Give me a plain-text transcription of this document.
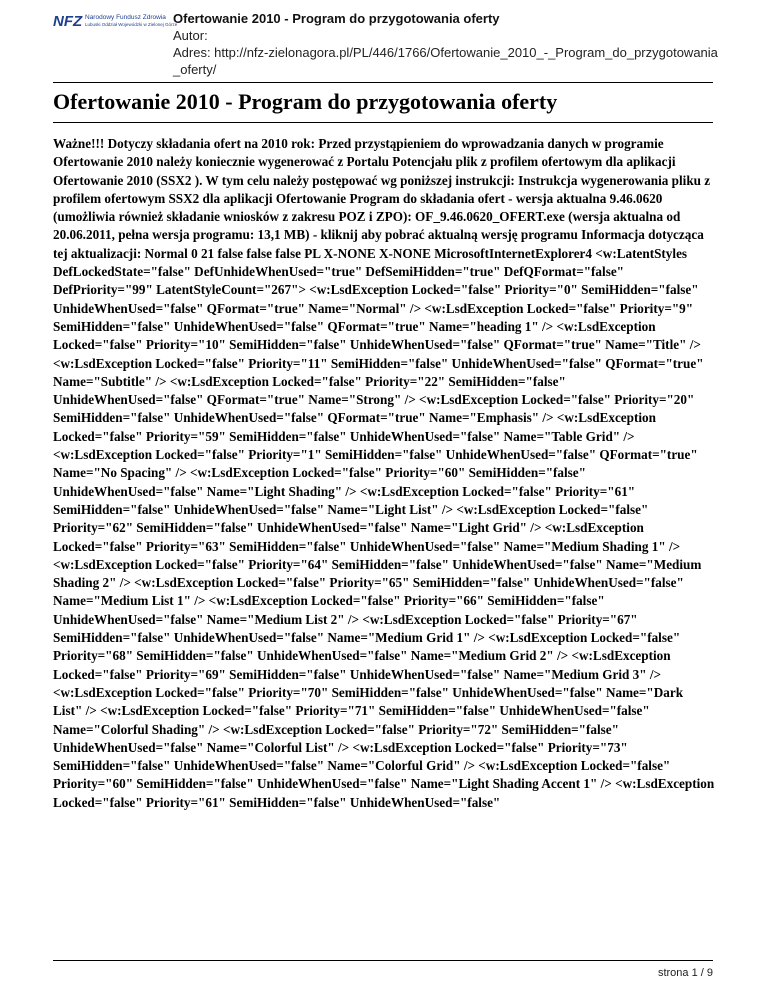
NFZ Narodowy Fundusz Zdrowia
Lubuski Oddział Wojewódzki w Zielonej Górze
Ofertowanie 2010 - Program do przygotowania oferty
Autor:
Adres: http://nfz-zielonagora.pl/PL/446/1766/Ofertowanie_2010_-_Program_do_przygotowania_oferty/
Ofertowanie 2010 - Program do przygotowania oferty

Ważne!!! Dotyczy składania ofert na 2010 rok: Przed przystąpieniem do wprowadzania danych w programie Ofertowanie 2010 należy koniecznie wygenerować z Portalu Potencjału plik z profilem ofertowym dla aplikacji Ofertowanie 2010 (SSX2 ). W tym celu należy postępować wg poniższej instrukcji: Instrukcja wygenerowania pliku z profilem ofertowym SSX2 dla aplikacji Ofertowanie Program do składania ofert - wersja aktualna 9.46.0620 (umożliwia również składanie wniosków z zakresu POZ i ZPO): OF_9.46.0620_OFERT.exe (wersja aktualna od 20.06.2011, pełna wersja programu: 13,1 MB) - kliknij aby pobrać aktualną wersję programu Informacja dotycząca tej aktualizacji: Normal 0 21 false false false PL X-NONE X-NONE MicrosoftInternetExplorer4 <w:LatentStyles DefLockedState="false" DefUnhideWhenUsed="true" DefSemiHidden="true" DefQFormat="false" DefPriority="99" LatentStyleCount="267"> <w:LsdException Locked="false" Priority="0" SemiHidden="false" UnhideWhenUsed="false" QFormat="true" Name="Normal" /> <w:LsdException Locked="false" Priority="9" SemiHidden="false" UnhideWhenUsed="false" QFormat="true" Name="heading 1" /> <w:LsdException Locked="false" Priority="10" SemiHidden="false" UnhideWhenUsed="false" QFormat="true" Name="Title" /> <w:LsdException Locked="false" Priority="11" SemiHidden="false" UnhideWhenUsed="false" QFormat="true" Name="Subtitle" /> <w:LsdException Locked="false" Priority="22" SemiHidden="false" UnhideWhenUsed="false" QFormat="true" Name="Strong" /> <w:LsdException Locked="false" Priority="20" SemiHidden="false" UnhideWhenUsed="false" QFormat="true" Name="Emphasis" /> <w:LsdException Locked="false" Priority="59" SemiHidden="false" UnhideWhenUsed="false" Name="Table Grid" /> <w:LsdException Locked="false" Priority="1" SemiHidden="false" UnhideWhenUsed="false" QFormat="true" Name="No Spacing" /> <w:LsdException Locked="false" Priority="60" SemiHidden="false" UnhideWhenUsed="false" Name="Light Shading" /> <w:LsdException Locked="false" Priority="61" SemiHidden="false" UnhideWhenUsed="false" Name="Light List" /> <w:LsdException Locked="false" Priority="62" SemiHidden="false" UnhideWhenUsed="false" Name="Light Grid" /> <w:LsdException Locked="false" Priority="63" SemiHidden="false" UnhideWhenUsed="false" Name="Medium Shading 1" /> <w:LsdException Locked="false" Priority="64" SemiHidden="false" UnhideWhenUsed="false" Name="Medium Shading 2" /> <w:LsdException Locked="false" Priority="65" SemiHidden="false" UnhideWhenUsed="false" Name="Medium List 1" /> <w:LsdException Locked="false" Priority="66" SemiHidden="false" UnhideWhenUsed="false" Name="Medium List 2" /> <w:LsdException Locked="false" Priority="67" SemiHidden="false" UnhideWhenUsed="false" Name="Medium Grid 1" /> <w:LsdException Locked="false" Priority="68" SemiHidden="false" UnhideWhenUsed="false" Name="Medium Grid 2" /> <w:LsdException Locked="false" Priority="69" SemiHidden="false" UnhideWhenUsed="false" Name="Medium Grid 3" /> <w:LsdException Locked="false" Priority="70" SemiHidden="false" UnhideWhenUsed="false" Name="Dark List" /> <w:LsdException Locked="false" Priority="71" SemiHidden="false" UnhideWhenUsed="false" Name="Colorful Shading" /> <w:LsdException Locked="false" Priority="72" SemiHidden="false" UnhideWhenUsed="false" Name="Colorful List" /> <w:LsdException Locked="false" Priority="73" SemiHidden="false" UnhideWhenUsed="false" Name="Colorful Grid" /> <w:LsdException Locked="false" Priority="60" SemiHidden="false" UnhideWhenUsed="false" Name="Light Shading Accent 1" /> <w:LsdException Locked="false" Priority="61" SemiHidden="false" UnhideWhenUsed="false"

strona 1 / 9
